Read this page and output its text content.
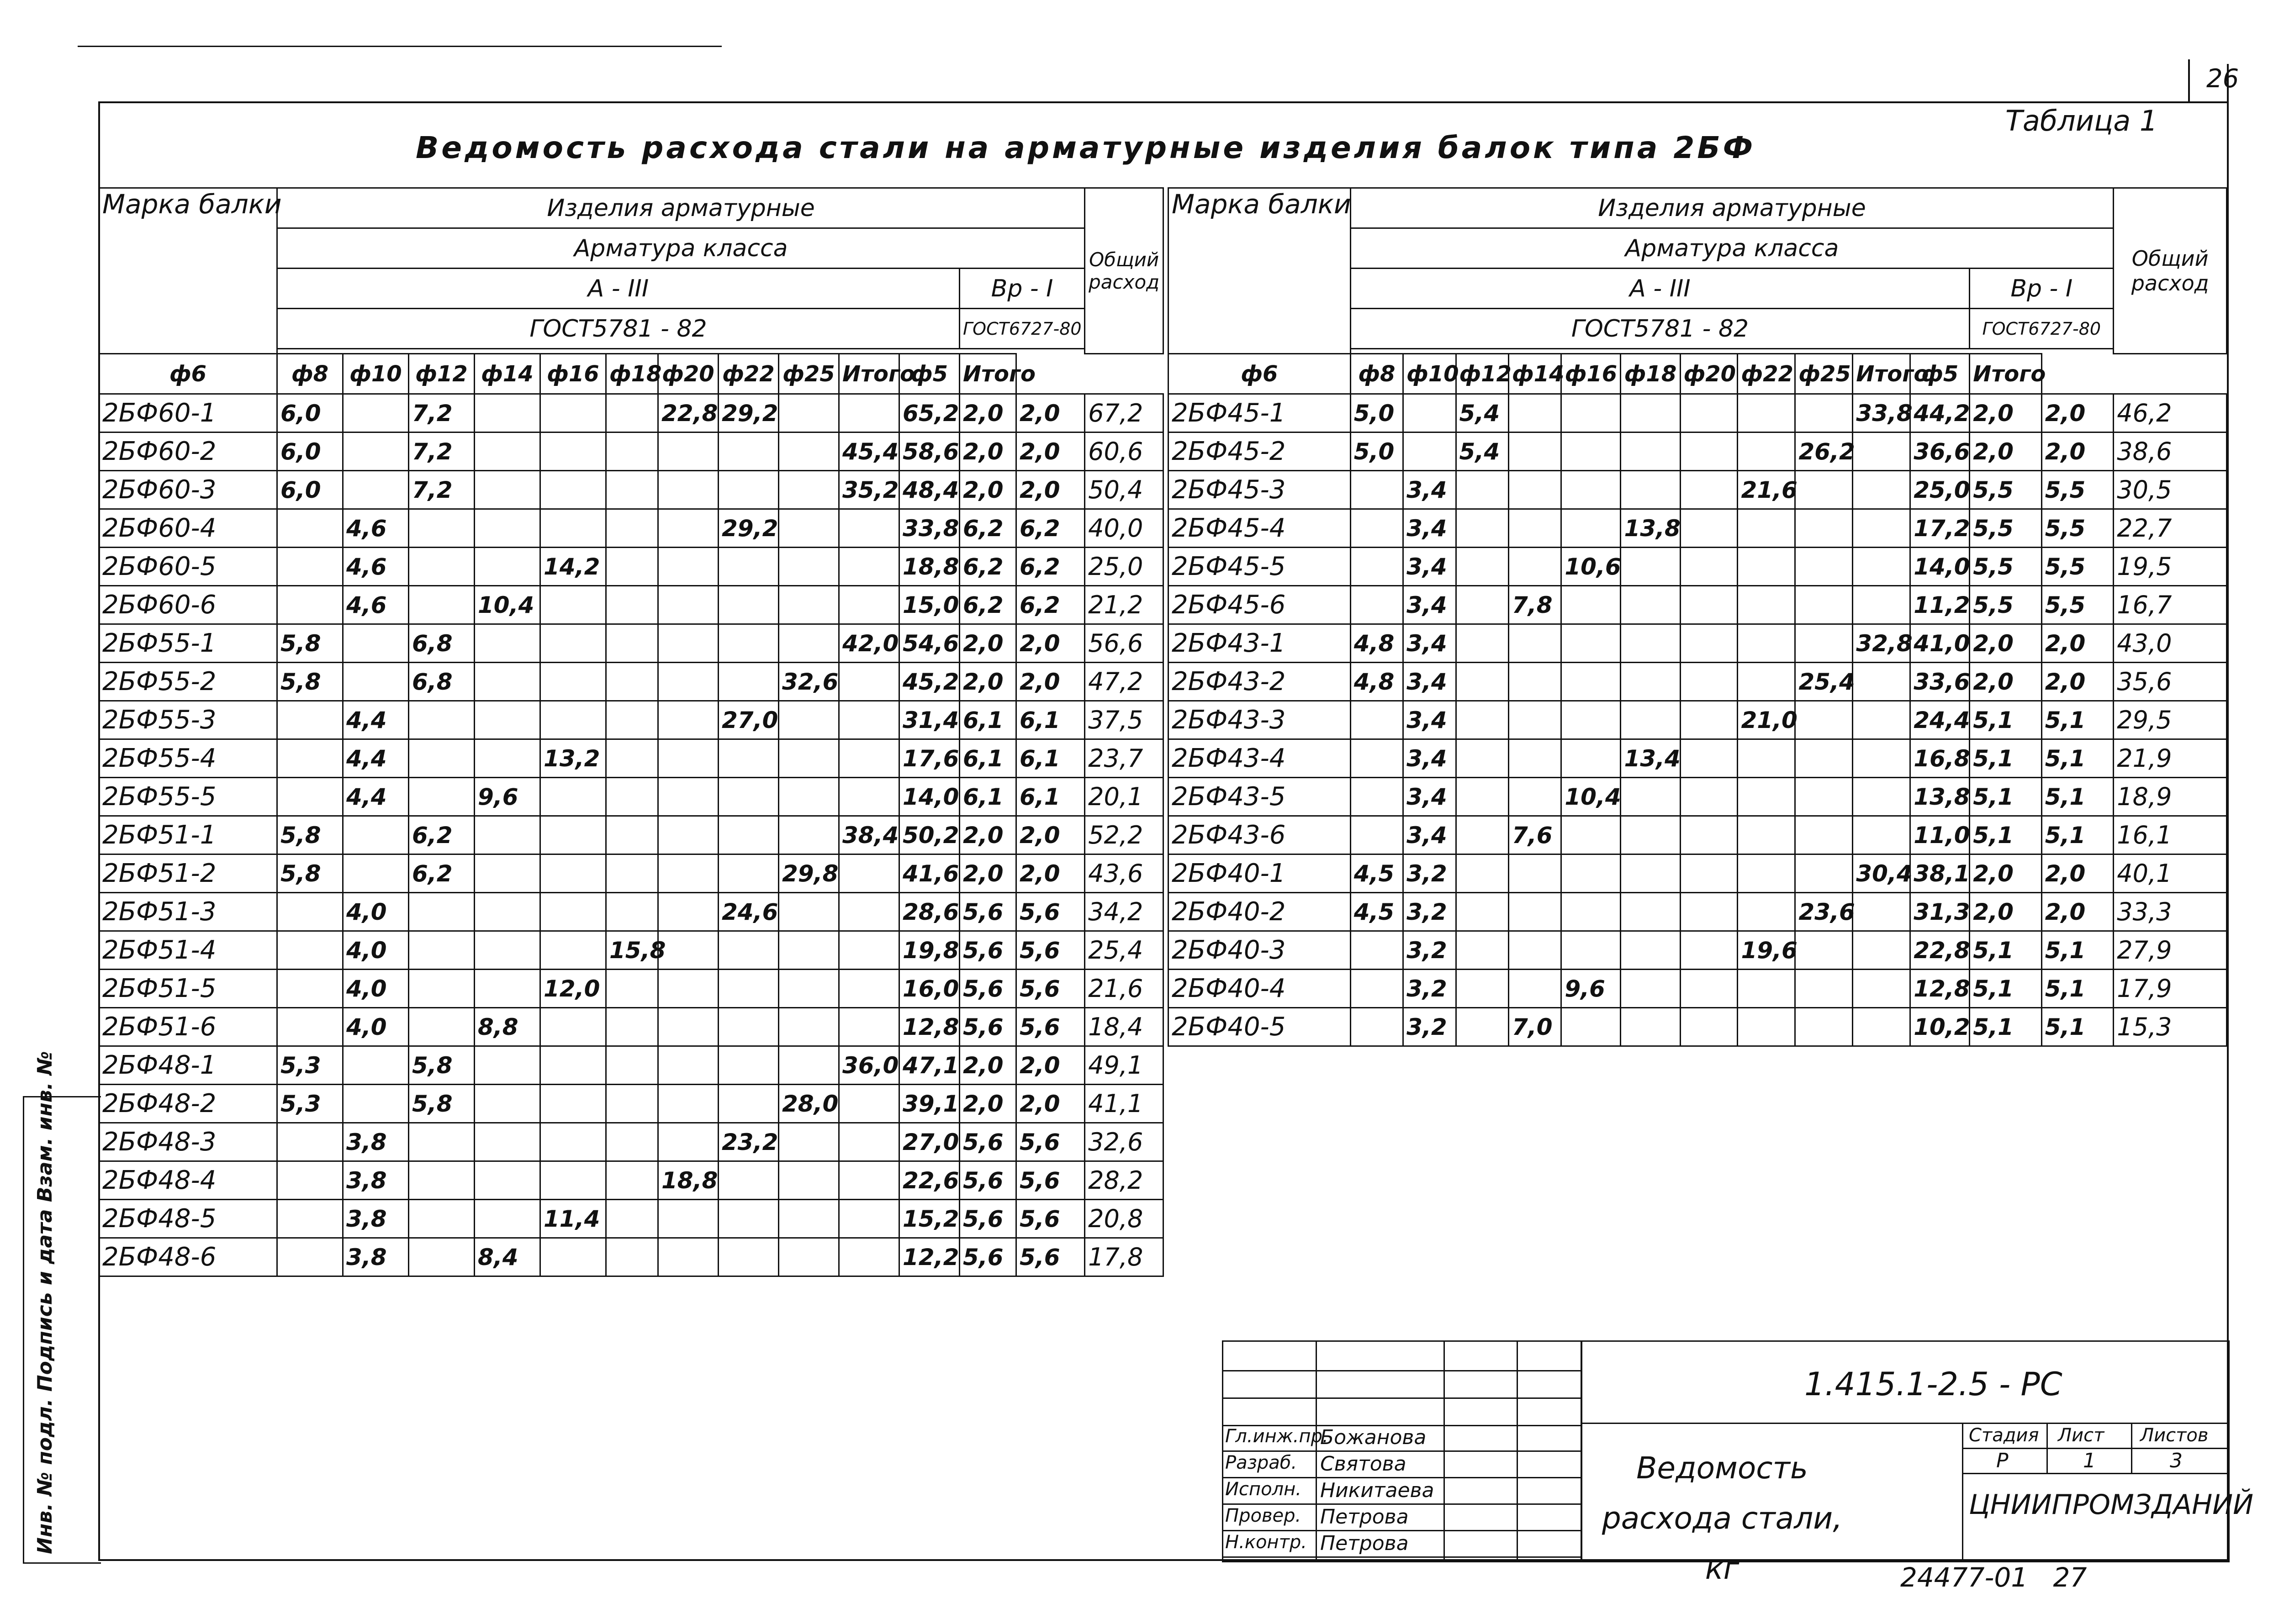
26
Таблица 1
Ведомость расхода стали на арматурные изделия балок типа 2БФ
Марка балки	Изделия арматурные													Общий расход
	Арматура класса													
	А - III											Вр - I		
	ГОСТ5781 - 82											ГОСТ6727-80		

ф6	ф8	ф10	ф12	ф14	ф16	ф18	ф20	ф22	ф25	Итого	ф5	Итого		
2БФ60-1	6,0		7,2				22,8	29,2			65,2	2,0	2,0	67,2
2БФ60-2	6,0		7,2							45,4	58,6	2,0	2,0	60,6
2БФ60-3	6,0		7,2							35,2	48,4	2,0	2,0	50,4
2БФ60-4		4,6						29,2			33,8	6,2	6,2	40,0
2БФ60-5		4,6			14,2						18,8	6,2	6,2	25,0
2БФ60-6		4,6		10,4							15,0	6,2	6,2	21,2
2БФ55-1	5,8		6,8							42,0	54,6	2,0	2,0	56,6
2БФ55-2	5,8		6,8						32,6		45,2	2,0	2,0	47,2
2БФ55-3		4,4						27,0			31,4	6,1	6,1	37,5
2БФ55-4		4,4			13,2						17,6	6,1	6,1	23,7
2БФ55-5		4,4		9,6							14,0	6,1	6,1	20,1
2БФ51-1	5,8		6,2							38,4	50,2	2,0	2,0	52,2
2БФ51-2	5,8		6,2						29,8		41,6	2,0	2,0	43,6
2БФ51-3		4,0						24,6			28,6	5,6	5,6	34,2
2БФ51-4		4,0				15,8					19,8	5,6	5,6	25,4
2БФ51-5		4,0			12,0						16,0	5,6	5,6	21,6
2БФ51-6		4,0		8,8							12,8	5,6	5,6	18,4
2БФ48-1	5,3		5,8							36,0	47,1	2,0	2,0	49,1
2БФ48-2	5,3		5,8						28,0		39,1	2,0	2,0	41,1
2БФ48-3		3,8						23,2			27,0	5,6	5,6	32,6
2БФ48-4		3,8					18,8				22,6	5,6	5,6	28,2
2БФ48-5		3,8			11,4						15,2	5,6	5,6	20,8
2БФ48-6		3,8		8,4							12,2	5,6	5,6	17,8
Марка балки	Изделия арматурные													Общий расход
	Арматура класса													
	А - III											Вр - I		
	ГОСТ5781 - 82											ГОСТ6727-80		

ф6	ф8	ф10	ф12	ф14	ф16	ф18	ф20	ф22	ф25	Итого	ф5	Итого		
2БФ45-1	5,0		5,4							33,8	44,2	2,0	2,0	46,2
2БФ45-2	5,0		5,4						26,2		36,6	2,0	2,0	38,6
2БФ45-3		3,4						21,6			25,0	5,5	5,5	30,5
2БФ45-4		3,4				13,8					17,2	5,5	5,5	22,7
2БФ45-5		3,4			10,6						14,0	5,5	5,5	19,5
2БФ45-6		3,4		7,8							11,2	5,5	5,5	16,7
2БФ43-1	4,8	3,4								32,8	41,0	2,0	2,0	43,0
2БФ43-2	4,8	3,4							25,4		33,6	2,0	2,0	35,6
2БФ43-3		3,4						21,0			24,4	5,1	5,1	29,5
2БФ43-4		3,4				13,4					16,8	5,1	5,1	21,9
2БФ43-5		3,4			10,4						13,8	5,1	5,1	18,9
2БФ43-6		3,4		7,6							11,0	5,1	5,1	16,1
2БФ40-1	4,5	3,2								30,4	38,1	2,0	2,0	40,1
2БФ40-2	4,5	3,2							23,6		31,3	2,0	2,0	33,3
2БФ40-3		3,2						19,6			22,8	5,1	5,1	27,9
2БФ40-4		3,2			9,6						12,8	5,1	5,1	17,9
2БФ40-5		3,2		7,0							10,2	5,1	5,1	15,3
Инв. № подл. Подпись и дата Взам. инв. №	Гл.инж.пр.
Божанова
Разраб. Святова
Исполн. Никитаева
Провер. Петрова
Н.контр. Петрова
1.415.1-2.5 - РС
Стадия Лист Листов
Р	1	3
Ведомость расхода стали, кг
ЦНИИПРОМЗДАНИЙ
24477-01   27
